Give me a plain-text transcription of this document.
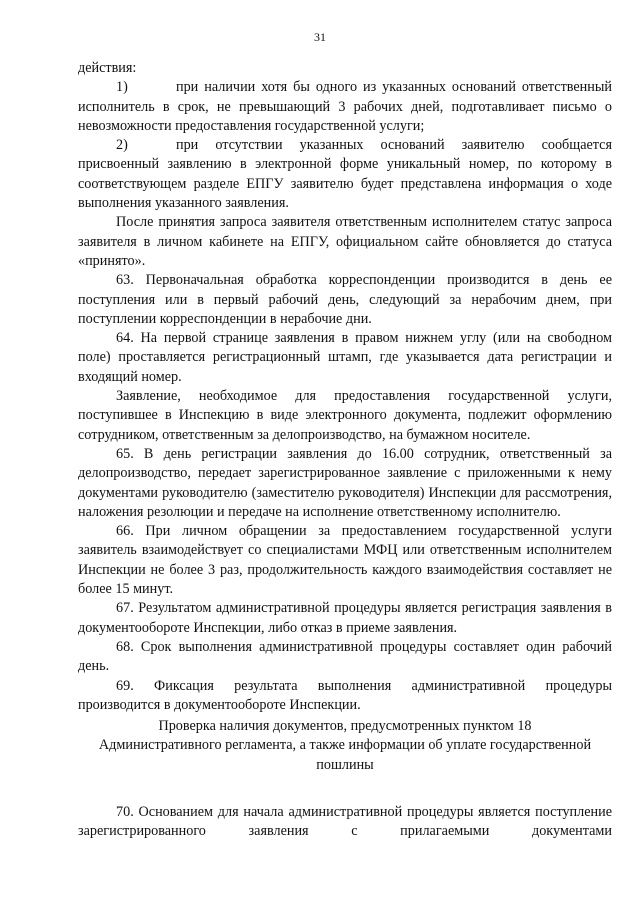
31

действия:

1)	при наличии хотя бы одного из указанных оснований ответственный исполнитель в срок, не превышающий 3 рабочих дней, подготавливает письмо о невозможности предоставления государственной услуги;

2)	при отсутствии указанных оснований заявителю сообщается присвоенный заявлению в электронной форме уникальный номер, по которому в соответствующем разделе ЕПГУ заявителю будет представлена информация о ходе выполнения указанного заявления.

После принятия запроса заявителя ответственным исполнителем статус запроса заявителя в личном кабинете на ЕПГУ, официальном сайте обновляется до статуса «принято».

63. Первоначальная обработка корреспонденции производится в день ее поступления или в первый рабочий день, следующий за нерабочим днем, при поступлении корреспонденции в нерабочие дни.

64. На первой странице заявления в правом нижнем углу (или на свободном поле) проставляется регистрационный штамп, где указывается дата регистрации и входящий номер.

Заявление, необходимое для предоставления государственной услуги, поступившее в Инспекцию в виде электронного документа, подлежит оформлению сотрудником, ответственным за делопроизводство, на бумажном носителе.

65. В день регистрации заявления до 16.00 сотрудник, ответственный за делопроизводство, передает зарегистрированное заявление с приложенными к нему документами руководителю (заместителю руководителя) Инспекции для рассмотрения, наложения резолюции и передаче на исполнение ответственному исполнителю.

66. При личном обращении за предоставлением государственной услуги заявитель взаимодействует со специалистами МФЦ или ответственным исполнителем Инспекции не более 3 раз, продолжительность каждого взаимодействия составляет не более 15 минут.

67. Результатом административной процедуры является регистрация заявления в документообороте Инспекции, либо отказ в приеме заявления.

68. Срок выполнения административной процедуры составляет один рабочий день.

69. Фиксация результата выполнения административной процедуры производится в документообороте Инспекции.

Проверка наличия документов, предусмотренных пунктом 18
Административного регламента, а также информации об уплате государственной
пошлины

70. Основанием для начала административной процедуры является поступление зарегистрированного заявления с прилагаемыми документами
